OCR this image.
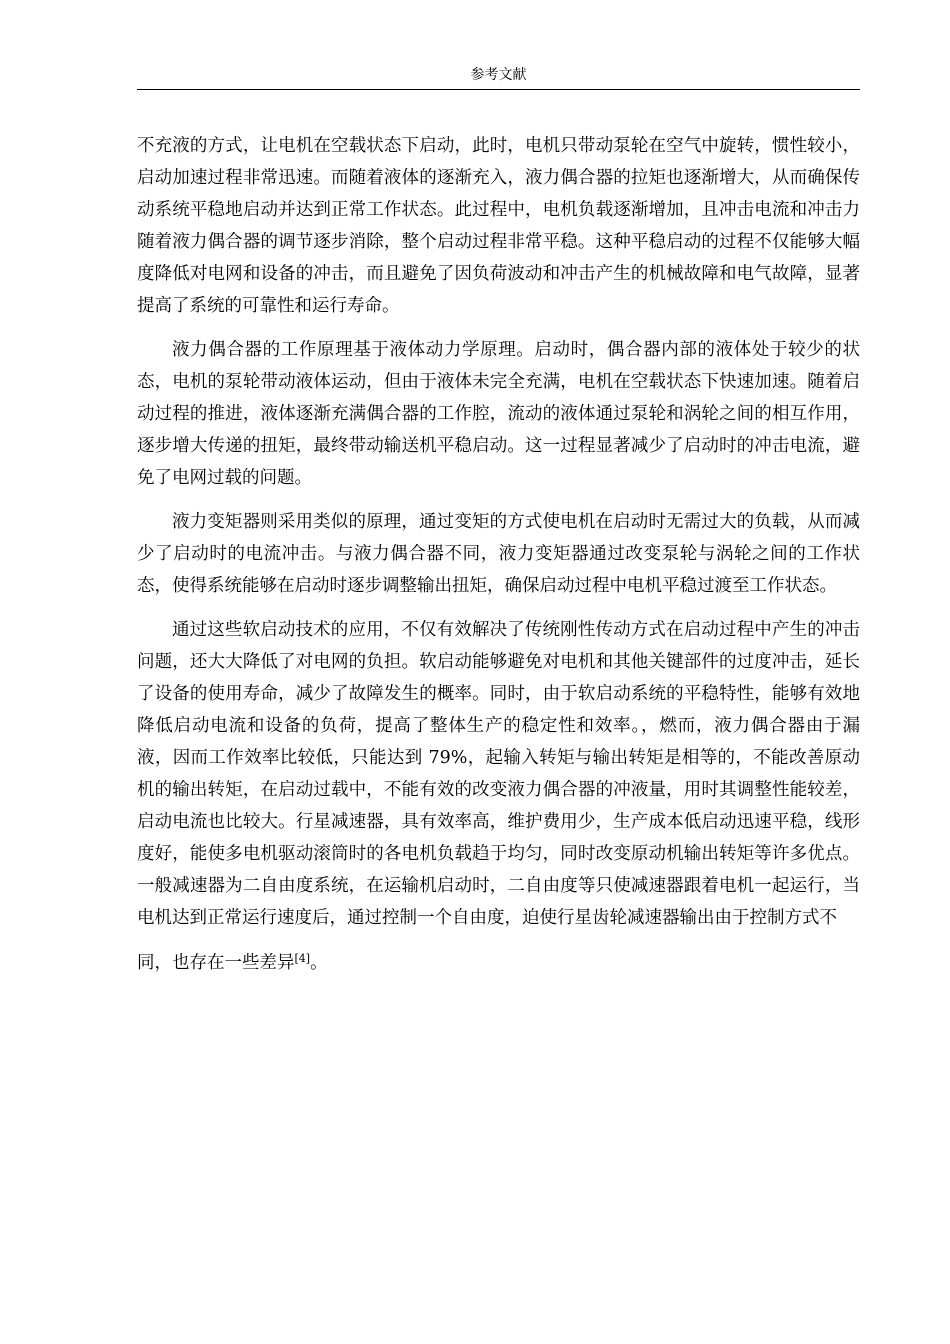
参考文献

不充液的方式，让电机在空载状态下启动，此时，电机只带动泵轮在空气中旋转，惯性较小，启动加速过程非常迅速。而随着液体的逐渐充入，液力偶合器的拉矩也逐渐增大，从而确保传动系统平稳地启动并达到正常工作状态。此过程中，电机负载逐渐增加，且冲击电流和冲击力随着液力偶合器的调节逐步消除，整个启动过程非常平稳。这种平稳启动的过程不仅能够大幅度降低对电网和设备的冲击，而且避免了因负荷波动和冲击产生的机械故障和电气故障，显著提高了系统的可靠性和运行寿命。

液力偶合器的工作原理基于液体动力学原理。启动时，偶合器内部的液体处于较少的状态，电机的泵轮带动液体运动，但由于液体未完全充满，电机在空载状态下快速加速。随着启动过程的推进，液体逐渐充满偶合器的工作腔，流动的液体通过泵轮和涡轮之间的相互作用，逐步增大传递的扭矩，最终带动输送机平稳启动。这一过程显著减少了启动时的冲击电流，避免了电网过载的问题。

液力变矩器则采用类似的原理，通过变矩的方式使电机在启动时无需过大的负载，从而减少了启动时的电流冲击。与液力偶合器不同，液力变矩器通过改变泵轮与涡轮之间的工作状态，使得系统能够在启动时逐步调整输出扭矩，确保启动过程中电机平稳过渡至工作状态。

通过这些软启动技术的应用，不仅有效解决了传统刚性传动方式在启动过程中产生的冲击问题，还大大降低了对电网的负担。软启动能够避免对电机和其他关键部件的过度冲击，延长了设备的使用寿命，减少了故障发生的概率。同时，由于软启动系统的平稳特性，能够有效地降低启动电流和设备的负荷，提高了整体生产的稳定性和效率。，燃而，液力偶合器由于漏液，因而工作效率比较低，只能达到 79%，起输入转矩与输出转矩是相等的，不能改善原动机的输出转矩，在启动过载中，不能有效的改变液力偶合器的冲液量，用时其调整性能较差，启动电流也比较大。行星减速器，具有效率高，维护费用少，生产成本低启动迅速平稳，线形度好，能使多电机驱动滚筒时的各电机负载趋于均匀，同时改变原动机输出转矩等许多优点。一般减速器为二自由度系统，在运输机启动时，二自由度等只使减速器跟着电机一起运行，当电机达到正常运行速度后，通过控制一个自由度，迫使行星齿轮减速器输出由于控制方式不

同，也存在一些差异[4]。
